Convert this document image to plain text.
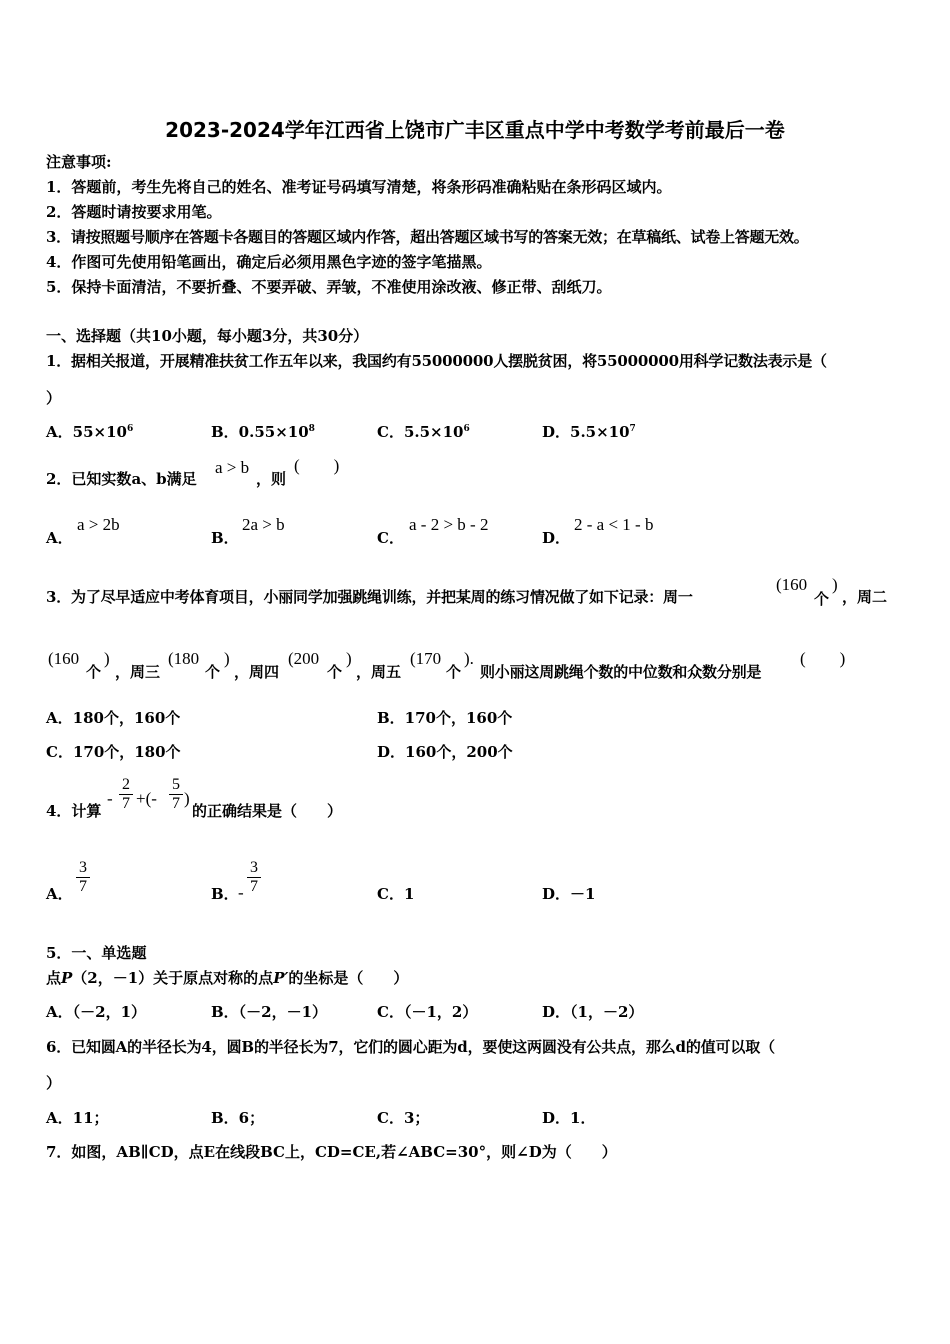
2023-2024学年江西省上饶市广丰区重点中学中考数学考前最后一卷
注意事项:
1．答题前，考生先将自己的姓名、准考证号码填写清楚，将条形码准确粘贴在条形码区域内。
2．答题时请按要求用笔。
3．请按照题号顺序在答题卡各题目的答题区域内作答，超出答题区域书写的答案无效；在草稿纸、试卷上答题无效。
4．作图可先使用铅笔画出，确定后必须用黑色字迹的签字笔描黑。
5．保持卡面清洁，不要折叠、不要弄破、弄皱，不准使用涂改液、修正带、刮纸刀。
一、选择题（共10小题，每小题3分，共30分）
1．据相关报道，开展精准扶贫工作五年以来，我国约有55000000人摆脱贫困，将55000000用科学记数法表示是（
）
A．$55\times 10^6$	B．$0.55\times 10^8$	C．$5.5\times 10^6$	D．$5.5\times 10^7$
2．已知实数a、b满足
a > b
，则
(　　)
A．
a > 2b
B．
2a > b
C．
a - 2 > b - 2
D．
2 - a < 1 - b
3．为了尽早适应中考体育项目，小丽同学加强跳绳训练，并把某周的练习情况做了如下记录：周一
(160
个
)
，周二
(160
个
)
，周三
(180
个
)
，周四
(200
个
)
，周五
(170
个
).
则小丽这周跳绳个数的中位数和众数分别是
(　　)
A．180个，160个	B．170个，160个
C．170个，180个	D．160个，200个
4．计算
- $\frac{2}{7}$ +(- $\frac{5}{7}$ )
的正确结果是（　　）
A． $\frac{3}{7}$	B． - $\frac{3}{7}$	C．1	D．－1
5．一、单选题
点P（2，－1）关于原点对称的点P′的坐标是（　　）
A．（－2，1）	B．（－2，－1）	C．（－1，2）	D．（1，－2）
6．已知圆A的半径长为4，圆B的半径长为7，它们的圆心距为d，要使这两圆没有公共点，那么d的值可以取（
）
A．11；	B．6；	C．3；	D．1．
7．如图，AB∥CD，点E在线段BC上，CD=CE,若∠ABC=30°，则∠D为（　　）
